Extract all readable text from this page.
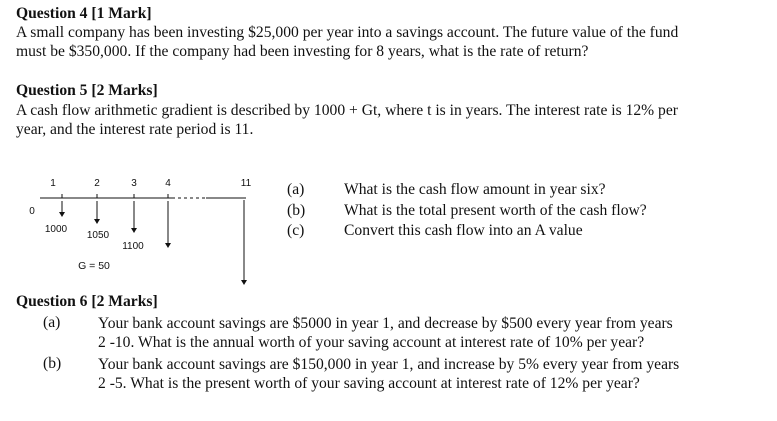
Question 4 [1 Mark]
A small company has been investing $25,000 per year into a savings account. The future value of the fund
must be $350,000. If the company had been investing for 8 years, what is the rate of return?
Question 5 [2 Marks]
A cash flow arithmetic gradient is described by 1000 + Gt, where t is in years. The interest rate is 12% per
year, and the interest rate period is 11.
1	2	3	4	11
0
1000
1050
1100
G = 50
(a)	What is the cash flow amount in year six?
(b) What is the total present worth of the cash flow?
(c)	Convert this cash flow into an A value
Question 6 [2 Marks]
(a) Your bank account savings are $5000 in year 1, and decrease by $500 every year from years
2 -10. What is the annual worth of your saving account at interest rate of 10% per year?
(b) Your bank account savings are $150,000 in year 1, and increase by 5% every year from years
2 -5. What is the present worth of your saving account at interest rate of 12% per year?
